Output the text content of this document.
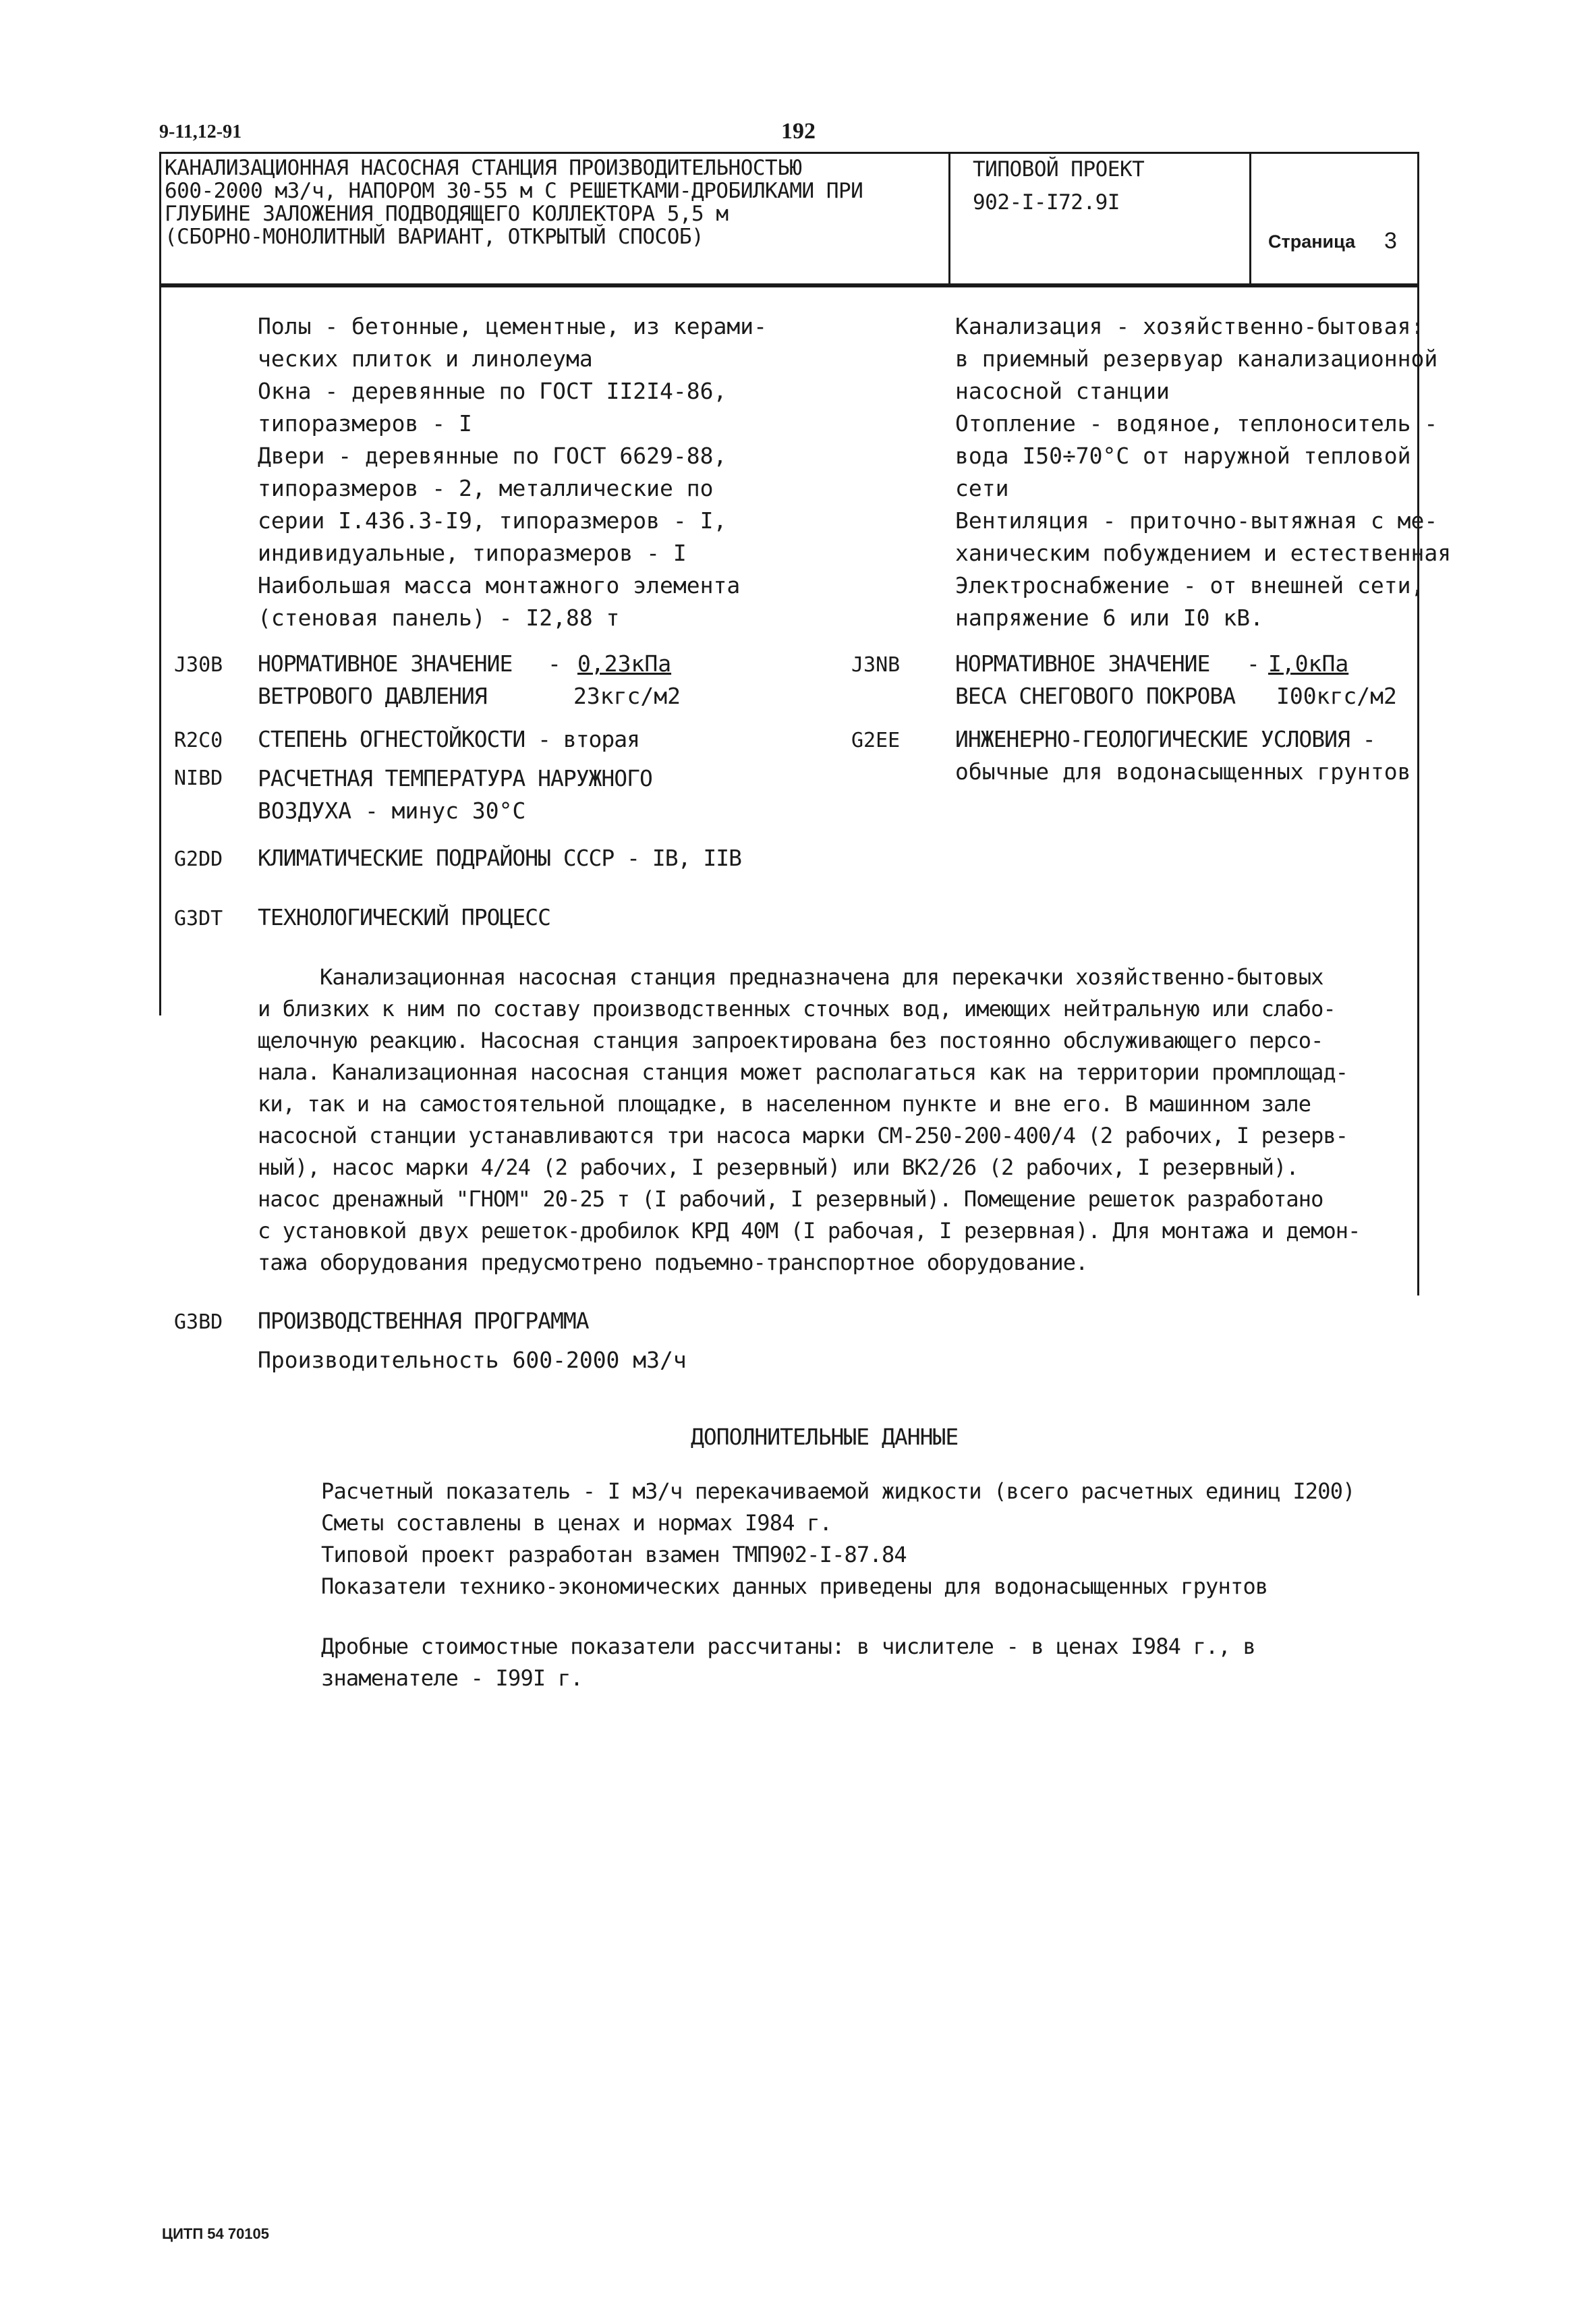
9-11,12-91	192
КАНАЛИЗАЦИОННАЯ НАСОСНАЯ СТАНЦИЯ ПРОИЗВОДИТЕЛЬНОСТЬЮ
600-2000 м3/ч, НАПОРОМ 30-55 м С РЕШЕТКАМИ-ДРОБИЛКАМИ ПРИ
ГЛУБИНЕ ЗАЛОЖЕНИЯ ПОДВОДЯЩЕГО КОЛЛЕКТОРА 5,5 м
(СБОРНО-МОНОЛИТНЫЙ ВАРИАНТ, ОТКРЫТЫЙ СПОСОБ)
ТИПОВОЙ ПРОЕКТ
902-I-I72.9I
Страница 3
Полы - бетонные, цементные, из керами-
ческих плиток и линолеума
Окна - деревянные по ГОСТ II2I4-86,
типоразмеров - I
Двери - деревянные по ГОСТ 6629-88,
типоразмеров - 2, металлические по
серии I.436.3-I9, типоразмеров - I,
индивидуальные, типоразмеров - I
Наибольшая масса монтажного элемента
(стеновая панель) - I2,88 т
Канализация - хозяйственно-бытовая:
в приемный резервуар канализационной
насосной станции
Отопление - водяное, теплоноситель -
вода I50÷70°C от наружной тепловой
сети
Вентиляция - приточно-вытяжная с ме-
ханическим побуждением и естественная
Электроснабжение - от внешней сети,
напряжение 6 или I0 кВ.
J30B НОРМАТИВНОЕ ЗНАЧЕНИЕ - 0,23кПа
ВЕТРОВОГО ДАВЛЕНИЯ	23кгс/м2
J3NB НОРМАТИВНОЕ ЗНАЧЕНИЕ - I,0кПа
ВЕСА СНЕГОВОГО ПОКРОВА I00кгс/м2
R2C0 СТЕПЕНЬ ОГНЕСТОЙКОСТИ - вторая	G2EE ИНЖЕНЕРНО-ГЕОЛОГИЧЕСКИЕ УСЛОВИЯ -
обычные для водонасыщенных грунтов
NIBD РАСЧЕТНАЯ ТЕМПЕРАТУРА НАРУЖНОГО
ВОЗДУХА - минус 30°C
G2DD КЛИМАТИЧЕСКИЕ ПОДРАЙОНЫ СССР - IB, IIB
G3DT ТЕХНОЛОГИЧЕСКИЙ ПРОЦЕСС
Канализационная насосная станция предназначена для перекачки хозяйственно-бытовых
и близких к ним по составу производственных сточных вод, имеющих нейтральную или слабо-
щелочную реакцию. Насосная станция запроектирована без постоянно обслуживающего персо-
нала. Канализационная насосная станция может располагаться как на территории промплощад-
ки, так и на самостоятельной площадке, в населенном пункте и вне его. В машинном зале
насосной станции устанавливаются три насоса марки СМ-250-200-400/4 (2 рабочих, I резерв-
ный), насос марки 4/24 (2 рабочих, I резервный) или ВК2/26 (2 рабочих, I резервный).
насос дренажный "ГНОМ" 20-25 т (I рабочий, I резервный). Помещение решеток разработано
с установкой двух решеток-дробилок КРД 40М (I рабочая, I резервная). Для монтажа и демон-
тажа оборудования предусмотрено подъемно-транспортное оборудование.
G3BD ПРОИЗВОДСТВЕННАЯ ПРОГРАММА
Производительность 600-2000 м3/ч
ДОПОЛНИТЕЛЬНЫЕ ДАННЫЕ
Расчетный показатель - I м3/ч перекачиваемой жидкости (всего расчетных единиц I200)
Сметы составлены в ценах и нормах I984 г.
Типовой проект разработан взамен ТМП902-I-87.84
Показатели технико-экономических данных приведены для водонасыщенных грунтов
Дробные стоимостные показатели рассчитаны: в числителе - в ценах I984 г., в
знаменателе - I99I г.
ЦИТП 54 70105
